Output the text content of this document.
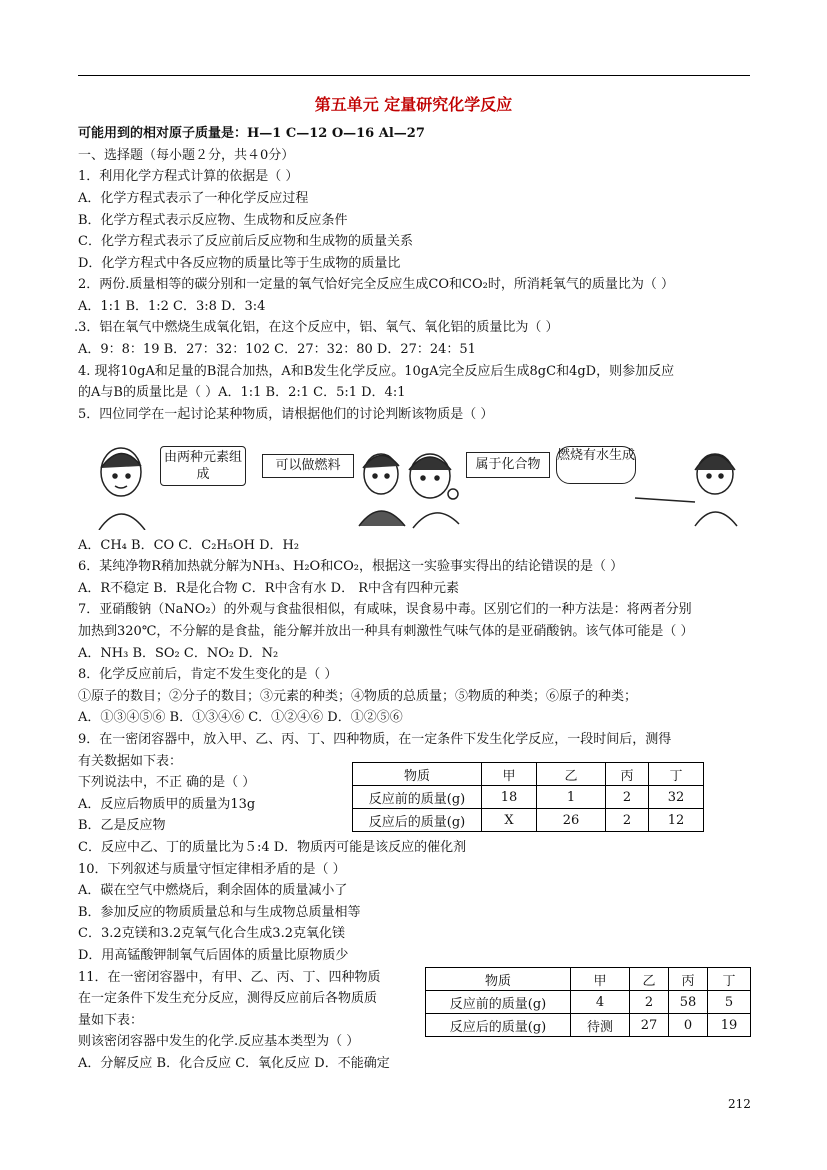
第五单元 定量研究化学反应
可能用到的相对原子质量是：H—1 C—12 O—16 Al—27
一、选择题（每小题２分，共４0分）
1．利用化学方程式计算的依据是（ ）
A．化学方程式表示了一种化学反应过程
B．化学方程式表示反应物、生成物和反应条件
C．化学方程式表示了反应前后反应物和生成物的质量关系
D．化学方程式中各反应物的质量比等于生成物的质量比
2．两份.质量相等的碳分别和一定量的氧气恰好完全反应生成CO和CO₂时，所消耗氧气的质量比为（ ）
A．1:1 B．1:2 C．3:8 D．3:4
.3．铝在氧气中燃烧生成氧化铝，在这个反应中，铝、氧气、氧化铝的质量比为（ ）
A．9：8：19 B．27：32：102 C．27：32：80 D．27：24：51
4. 现将10gA和足量的B混合加热，A和B发生化学反应。10gA完全反应后生成8gC和4gD，则参加反应
的A与B的质量比是（ ）A．1:1 B．2:1 C．5:1 D．4:1
5．四位同学在一起讨论某种物质，请根据他们的讨论判断该物质是（ ）
由两种元素组成
可以做燃料	属于化合物
燃烧有水生成
A．CH₄ B．CO C．C₂H₅OH D．H₂
6．某纯净物R稍加热就分解为NH₃、H₂O和CO₂，根据这一实验事实得出的结论错误的是（ ）
A．R不稳定 B．R是化合物 C．R中含有水 D． R中含有四种元素
7．亚硝酸钠（NaNO₂）的外观与食盐很相似，有咸味，误食易中毒。区别它们的一种方法是：将两者分别
加热到320℃，不分解的是食盐，能分解并放出一种具有刺激性气味气体的是亚硝酸钠。该气体可能是（ ）
A．NH₃ B．SO₂ C．NO₂ D．N₂
8．化学反应前后，肯定不发生变化的是（ ）
①原子的数目；②分子的数目；③元素的种类；④物质的总质量；⑤物质的种类；⑥原子的种类；
A．①③④⑤⑥ B．①③④⑥ C．①②④⑥ D．①②⑤⑥
9．在一密闭容器中，放入甲、乙、丙、丁、四种物质，在一定条件下发生化学反应，一段时间后，测得
有关数据如下表：
下列说法中，不正 确的是（ ）
A．反应后物质甲的质量为13g
B．乙是反应物
C．反应中乙、丁的质量比为５:4 D．物质丙可能是该反应的催化剂
物质	甲	乙	丙	丁
反应前的质量(g)	18	1	2	32
反应后的质量(g)	X	26	2	12
10．下列叙述与质量守恒定律相矛盾的是（ ）
A．碳在空气中燃烧后，剩余固体的质量减小了
B．参加反应的物质质量总和与生成物总质量相等
C．3.2克镁和3.2克氧气化合生成3.2克氧化镁
D．用高锰酸钾制氧气后固体的质量比原物质少
11．在一密闭容器中，有甲、乙、丙、丁、四种物质
在一定条件下发生充分反应，测得反应前后各物质质
量如下表：
则该密闭容器中发生的化学.反应基本类型为（ ）
A．分解反应 B．化合反应 C．氧化反应 D．不能确定
物质	甲	乙	丙	丁
反应前的质量(g)	4	2	58	5
反应后的质量(g)	待测	27	0	19
212
